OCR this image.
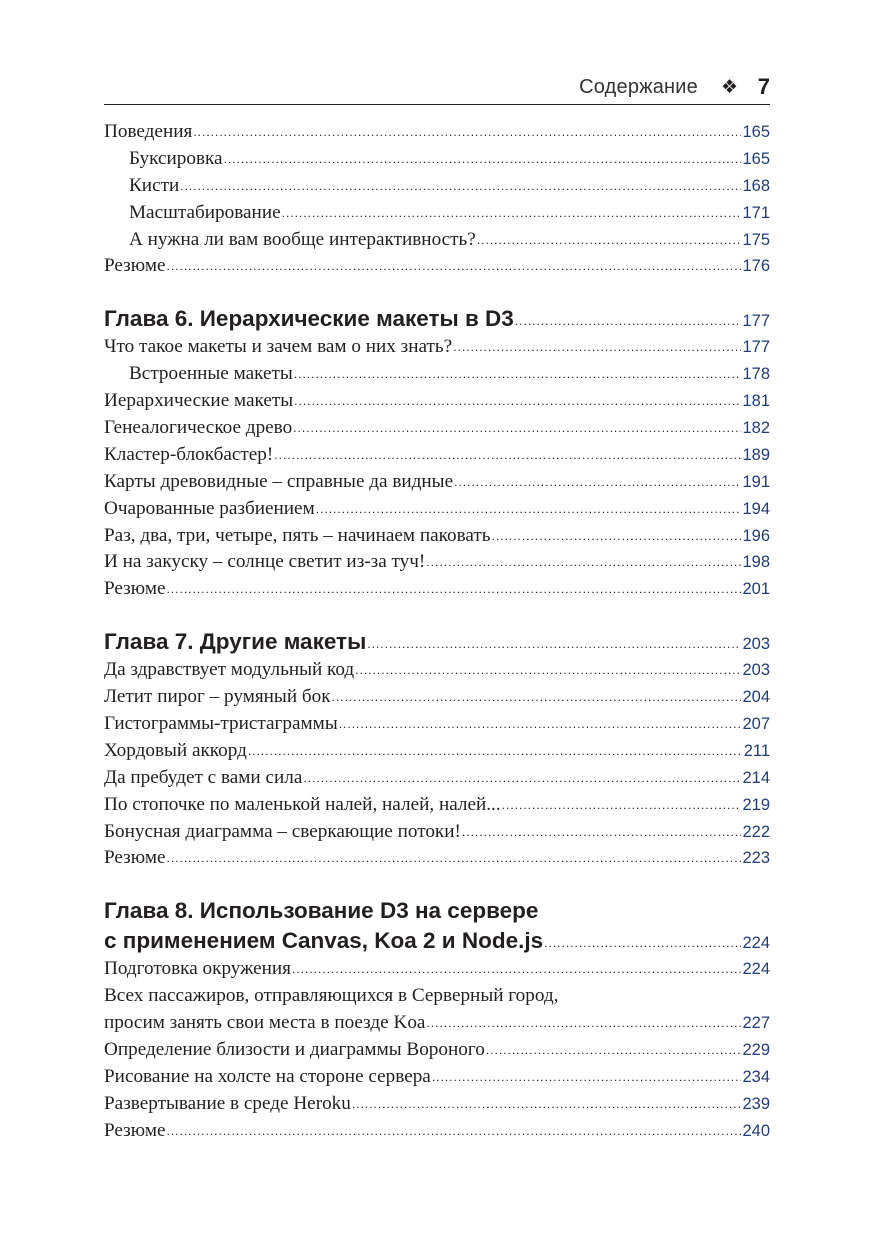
Содержание ❖ 7
Поведения .....	165
Буксировка .....	165
Кисти .....	168
Масштабирование .....	171
А нужна ли вам вообще интерактивность? .....	175
Резюме .....	176
Глава 6. Иерархические макеты в D3 .....	177
Что такое макеты и зачем вам о них знать? .....	177
Встроенные макеты .....	178
Иерархические макеты .....	181
Генеалогическое древо .....	182
Кластер-блокбастер! .....	189
Карты древовидные – справные да видные .....	191
Очарованные разбиением .....	194
Раз, два, три, четыре, пять – начинаем паковать .....	196
И на закуску – солнце светит из-за туч! .....	198
Резюме .....	201
Глава 7. Другие макеты .....	203
Да здравствует модульный код .....	203
Летит пирог – румяный бок .....	204
Гистограммы-тристаграммы .....	207
Хордовый аккорд .....	211
Да пребудет с вами сила .....	214
По стопочке по маленькой налей, налей, налей... .....	219
Бонусная диаграмма – сверкающие потоки! .....	222
Резюме .....	223
Глава 8. Использование D3 на сервере
с применением Canvas, Koa 2 и Node.js .....	224
Подготовка окружения .....	224
Всех пассажиров, отправляющихся в Серверный город,
просим занять свои места в поезде Koa .....	227
Определение близости и диаграммы Вороного .....	229
Рисование на холсте на стороне сервера .....	234
Развертывание в среде Heroku .....	239
Резюме .....	240
